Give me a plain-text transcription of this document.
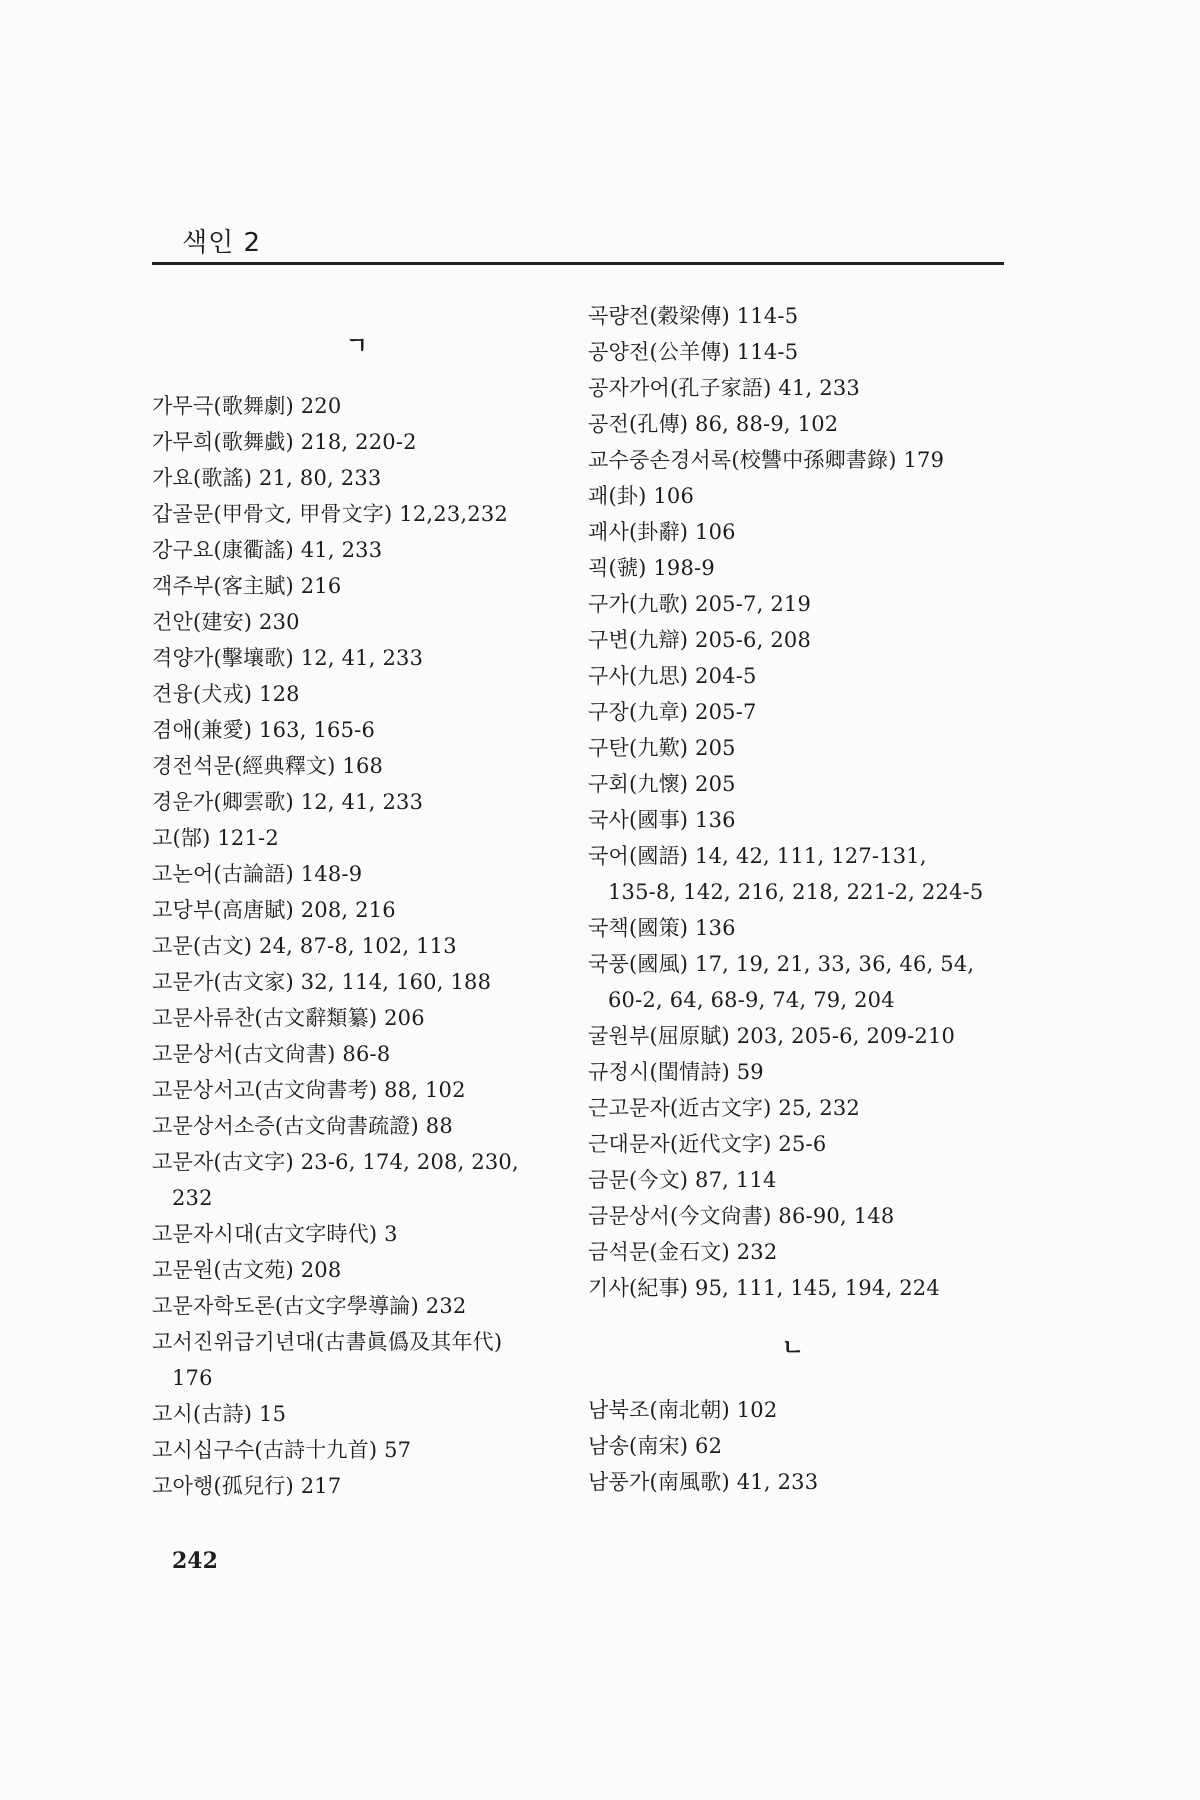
색인 2
ㄱ
가무극(歌舞劇) 220
가무희(歌舞戱) 218, 220-2
가요(歌謠) 21, 80, 233
갑골문(甲骨文, 甲骨文字) 12,23,232
강구요(康衢謠) 41, 233
객주부(客主賦) 216
건안(建安) 230
격양가(擊壤歌) 12, 41, 233
견융(犬戎) 128
겸애(兼愛) 163, 165-6
경전석문(經典釋文) 168
경운가(卿雲歌) 12, 41, 233
고(郜) 121-2
고논어(古論語) 148-9
고당부(高唐賦) 208, 216
고문(古文) 24, 87-8, 102, 113
고문가(古文家) 32, 114, 160, 188
고문사류찬(古文辭類纂) 206
고문상서(古文尙書) 86-8
고문상서고(古文尙書考) 88, 102
고문상서소증(古文尙書疏證) 88
고문자(古文字) 23-6, 174, 208, 230,
232
고문자시대(古文字時代) 3
고문원(古文苑) 208
고문자학도론(古文字學導論) 232
고서진위급기년대(古書眞僞及其年代)
176
고시(古詩) 15
고시십구수(古詩十九首) 57
고아행(孤兒行) 217
곡량전(穀梁傳) 114-5
공양전(公羊傳) 114-5
공자가어(孔子家語) 41, 233
공전(孔傳) 86, 88-9, 102
교수중손경서록(校讐中孫卿書錄) 179
괘(卦) 106
괘사(卦辭) 106
괵(虢) 198-9
구가(九歌) 205-7, 219
구변(九辯) 205-6, 208
구사(九思) 204-5
구장(九章) 205-7
구탄(九歎) 205
구회(九懷) 205
국사(國事) 136
국어(國語) 14, 42, 111, 127-131,
135-8, 142, 216, 218, 221-2, 224-5
국책(國策) 136
국풍(國風) 17, 19, 21, 33, 36, 46, 54,
60-2, 64, 68-9, 74, 79, 204
굴원부(屈原賦) 203, 205-6, 209-210
규정시(閨情詩) 59
근고문자(近古文字) 25, 232
근대문자(近代文字) 25-6
금문(今文) 87, 114
금문상서(今文尙書) 86-90, 148
금석문(金石文) 232
기사(紀事) 95, 111, 145, 194, 224
ㄴ
남북조(南北朝) 102
남송(南宋) 62
남풍가(南風歌) 41, 233
242
